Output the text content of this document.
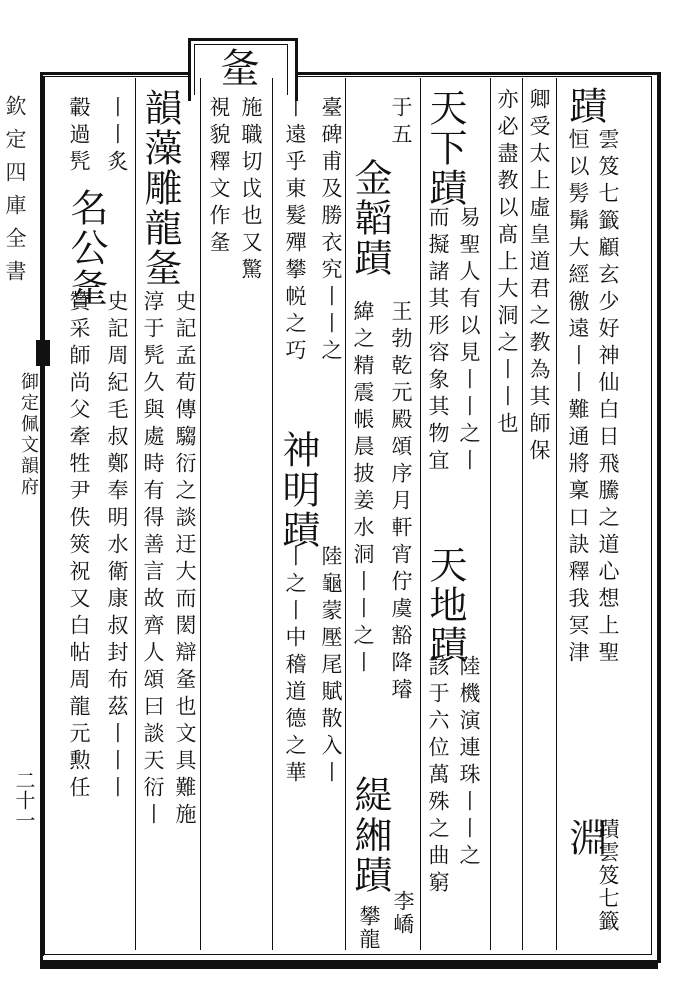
㚅
欽定四庫全書
御定佩文韻府
二十一
蹟
雲笈七籤顧玄少好神仙白日飛騰之道心想上聖
恒以髣髴大經徼遠丨丨難通將稟口訣釋我冥津
淵
蹟雲笈七籤
卿受太上虛皇道君之教為其師保
亦必盡教以髙上大洞之丨丨也
天下蹟
易聖人有以見丨丨之丨
天地蹟
陸機演連珠丨丨之
而擬諸其形容象其物宜
該于六位萬殊之曲窮
于五
金韜蹟
王勃乾元殿頌序月軒宵佇虞豁降璿
緯之精震帳晨披姜水洞丨丨之丨
緹緗蹟
李嶠
臺碑甫及勝衣究丨丨之
神明蹟
陸龜蒙壓尾賦散入丨
攀龍
丨遠乎東髮殫攀帨之巧
丨之丨中稽道德之華
施職切戉也又驚
視貌釋文作㚅
韻藻雕龍㚅
史記孟荀傳騶衍之談迂大而閎辯㚅也文具難施
淳于髠久與處時有得善言故齊人頌曰談天衍丨
丨丨炙
名公㚅
史記周紀毛叔鄭奉明水衛康叔封布茲丨丨丨
轂過髠
贊采師尚父牽牲尹佚筴祝又白帖周龍元勲任
